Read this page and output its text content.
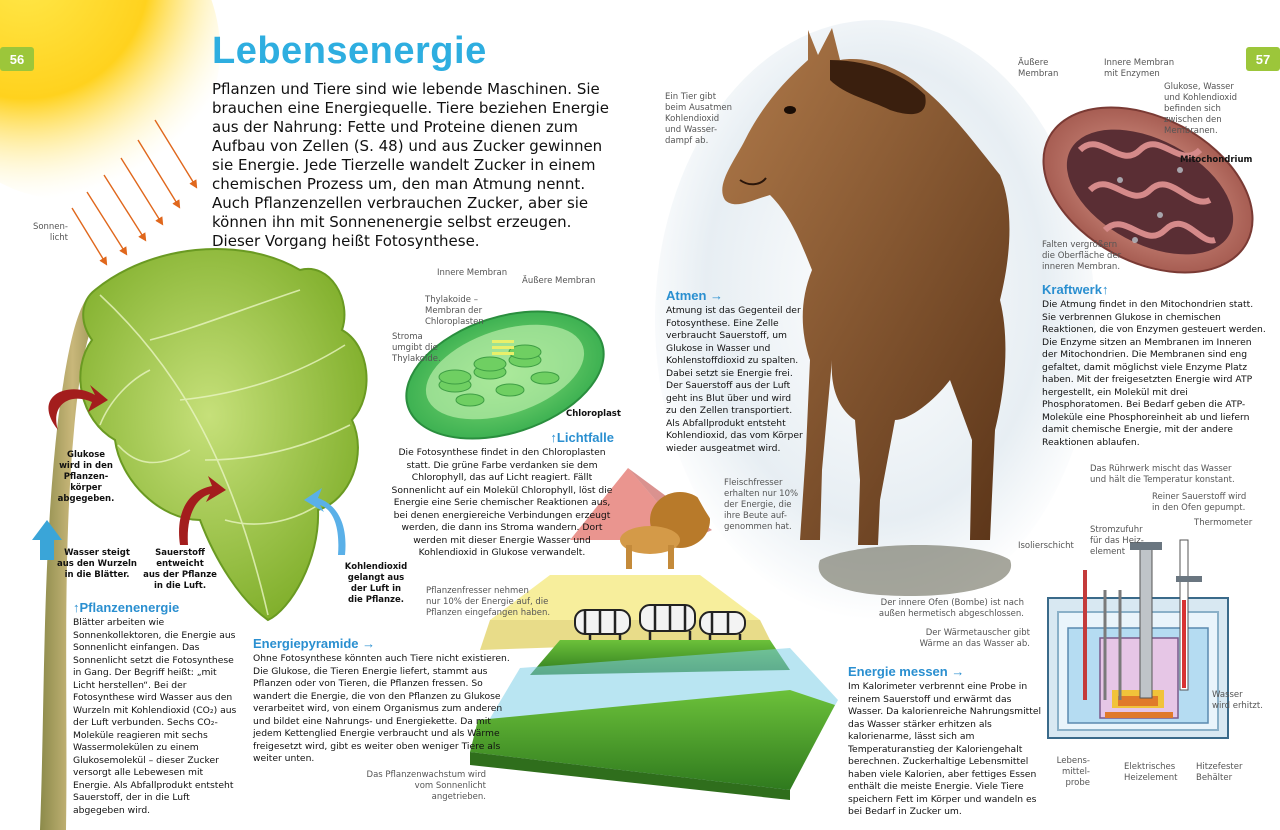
56	57
Lebensenergie
Pflanzen und Tiere sind wie lebende Maschinen. Sie brauchen eine Energiequelle. Tiere beziehen Energie aus der Nahrung: Fette und Proteine dienen zum Aufbau von Zellen (S. 48) und aus Zucker gewinnen sie Energie. Jede Tierzelle wandelt Zucker in einem chemischen Prozess um, den man Atmung nennt. Auch Pflanzenzellen verbrauchen Zucker, aber sie können ihn mit Sonnenenergie selbst erzeugen. Dieser Vorgang heißt Fotosynthese.
Sonnen-
licht
Glukose
wird in den
Pflanzen-
körper
abgegeben.
Wasser steigt
aus den Wurzeln
in die Blätter.
Sauerstoff entweicht
aus der Pflanze
in die Luft.
Kohlendioxid
gelangt aus
der Luft in
die Pflanze.
↑Pflanzenenergie

Blätter arbeiten wie Sonnenkollektoren, die Energie aus Sonnenlicht einfangen. Das Sonnenlicht setzt die Fotosynthese in Gang. Der Begriff heißt: „mit Licht herstellen“. Bei der Fotosynthese wird Wasser aus den Wurzeln mit Kohlendioxid (CO₂) aus der Luft verbunden. Sechs CO₂-Moleküle reagieren mit sechs Wassermolekülen zu einem Glukosemolekül – dieser Zucker versorgt alle Lebewesen mit Energie. Als Abfallprodukt entsteht Sauerstoff, der in die Luft abgegeben wird.

Innere Membran
Äußere Membran
Thylakoide –
Membran der
Chloroplasten
Stroma
umgibt die
Thylakoide.
Chloroplast
↑Lichtfalle

Die Fotosynthese findet in den Chloroplasten statt. Die grüne Farbe verdanken sie dem Chlorophyll, das auf Licht reagiert. Fällt Sonnenlicht auf ein Molekül Chlorophyll, löst die Energie eine Serie chemischer Reaktionen aus, bei denen energiereiche Verbindungen erzeugt werden, die dann ins Stroma wandern. Dort werden mit dieser Energie Wasser und Kohlendioxid in Glukose verwandelt.

Fleischfresser
erhalten nur 10%
der Energie, die
ihre Beute auf-
genommen hat.
Pflanzenfresser nehmen
nur 10% der Energie auf, die
Pflanzen eingefangen haben.
Das Pflanzenwachstum wird
vom Sonnenlicht angetrieben.
Energiepyramide →

Ohne Fotosynthese könnten auch Tiere nicht existieren. Die Glukose, die Tieren Energie liefert, stammt aus Pflanzen oder von Tieren, die Pflanzen fressen. So wandert die Energie, die von den Pflanzen zu Glukose verarbeitet wird, von einem Organismus zum anderen und bildet eine Nahrungs- und Energiekette. Da mit jedem Kettenglied Energie verbraucht und als Wärme freigesetzt wird, gibt es weiter oben weniger Tiere als weiter unten.

Ein Tier gibt
beim Ausatmen
Kohlendioxid
und Wasser-
dampf ab.
Atmen →

Atmung ist das Gegenteil der Fotosynthese. Eine Zelle verbraucht Sauerstoff, um Glukose in Wasser und Kohlenstoffdioxid zu spalten. Dabei setzt sie Energie frei. Der Sauerstoff aus der Luft geht ins Blut über und wird zu den Zellen transportiert. Als Abfallprodukt entsteht Kohlendioxid, das vom Körper wieder ausgeatmet wird.

Äußere
Membran
Innere Membran
mit Enzymen
Glukose, Wasser
und Kohlendioxid
befinden sich
zwischen den
Membranen.
Mitochondrium
Falten vergrößern
die Oberfläche der
inneren Membran.
Kraftwerk↑

Die Atmung findet in den Mitochondrien statt. Sie verbrennen Glukose in chemischen Reaktionen, die von Enzymen gesteuert werden. Die Enzyme sitzen an Membranen im Inneren der Mitochondrien. Die Membranen sind eng gefaltet, damit möglichst viele Enzyme Platz haben. Mit der freigesetzten Energie wird ATP hergestellt, ein Molekül mit drei Phosphoratomen. Bei Bedarf geben die ATP-Moleküle eine Phosphoreinheit ab und liefern damit chemische Energie, mit der andere Reaktionen ablaufen.

Das Rührwerk mischt das Wasser
und hält die Temperatur konstant.
Reiner Sauerstoff wird
in den Ofen gepumpt.
Thermometer
Stromzufuhr
für das Heiz-
element
Isolierschicht
Der innere Ofen (Bombe) ist nach
außen hermetisch abgeschlossen.
Der Wärmetauscher gibt
Wärme an das Wasser ab.
Wasser
wird erhitzt.
Lebens-
mittel-
probe
Elektrisches
Heizelement
Hitzefester
Behälter
Energie messen →

Im Kalorimeter verbrennt eine Probe in reinem Sauerstoff und erwärmt das Wasser. Da kalorienreiche Nahrungsmittel das Wasser stärker erhitzen als kalorienarme, lässt sich am Temperaturanstieg der Kaloriengehalt berechnen. Zuckerhaltige Lebensmittel haben viele Kalorien, aber fettiges Essen enthält die meiste Energie. Viele Tiere speichern Fett im Körper und wandeln es bei Bedarf in Zucker um.
